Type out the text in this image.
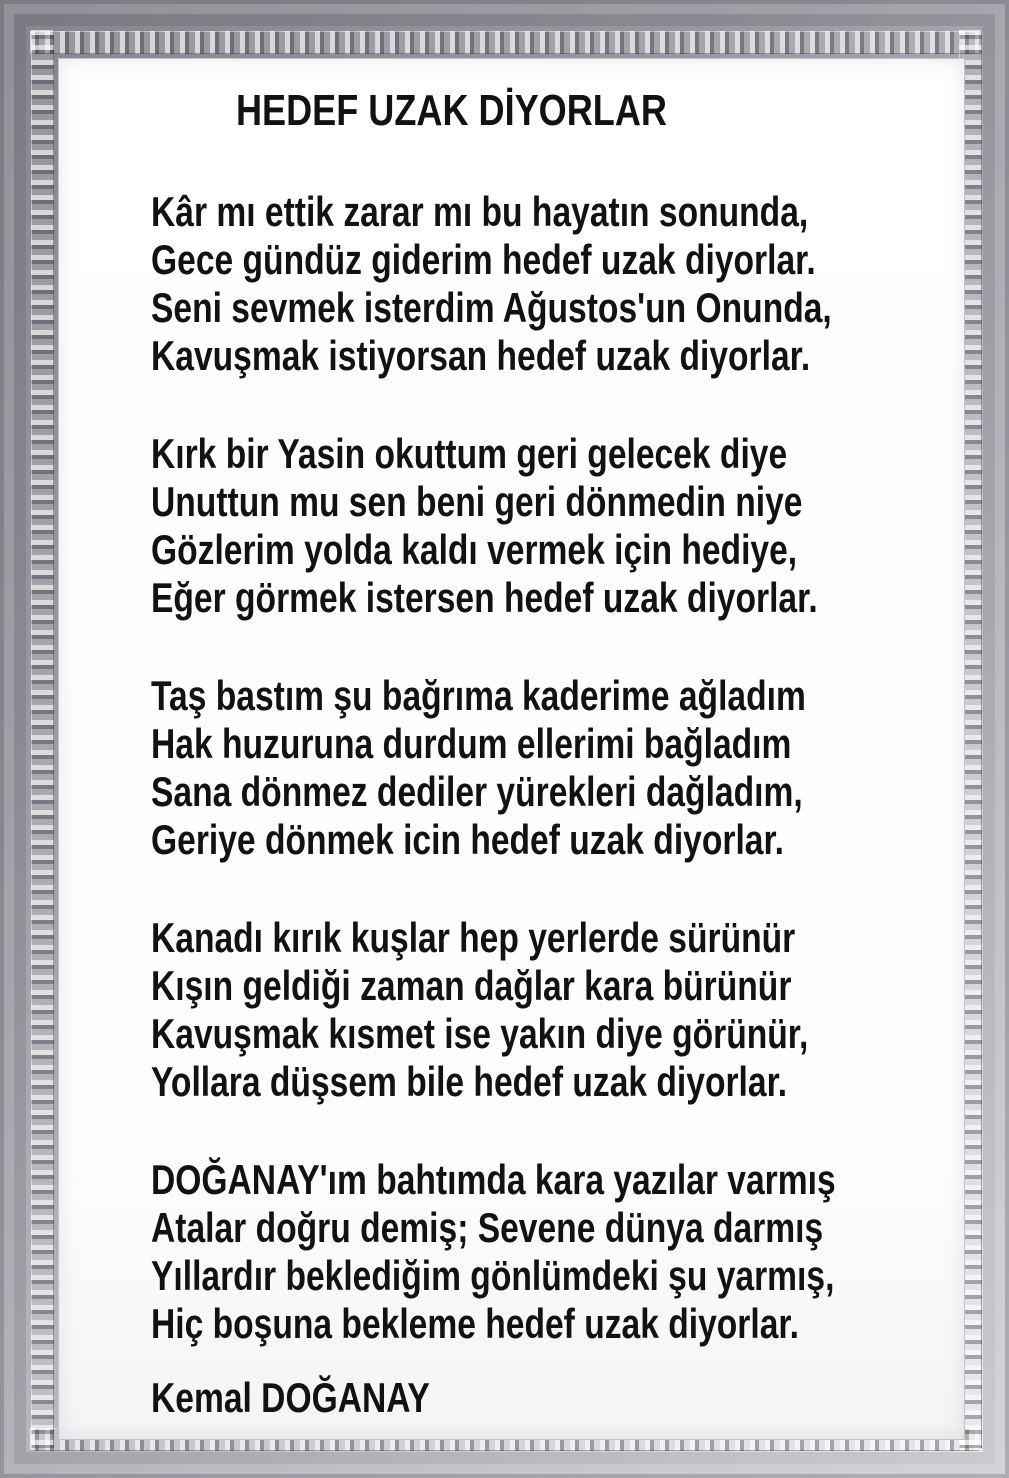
HEDEF UZAK DİYORLAR
Kâr mı ettik zarar mı bu hayatın sonunda,
Gece gündüz giderim hedef uzak diyorlar.
Seni sevmek isterdim Ağustos'un Onunda,
Kavuşmak istiyorsan hedef uzak diyorlar.
Kırk bir Yasin okuttum geri gelecek diye
Unuttun mu sen beni geri dönmedin niye
Gözlerim yolda kaldı vermek için hediye,
Eğer görmek istersen hedef uzak diyorlar.
Taş bastım şu bağrıma kaderime ağladım
Hak huzuruna durdum ellerimi bağladım
Sana dönmez dediler yürekleri dağladım,
Geriye dönmek icin hedef uzak diyorlar.
Kanadı kırık kuşlar hep yerlerde sürünür
Kışın geldiği zaman dağlar kara bürünür
Kavuşmak kısmet ise yakın diye görünür,
Yollara düşsem bile hedef uzak diyorlar.
DOĞANAY'ım bahtımda kara yazılar varmış
Atalar doğru demiş; Sevene dünya darmış
Yıllardır beklediğim gönlümdeki şu yarmış,
Hiç boşuna bekleme hedef uzak diyorlar.
Kemal DOĞANAY
